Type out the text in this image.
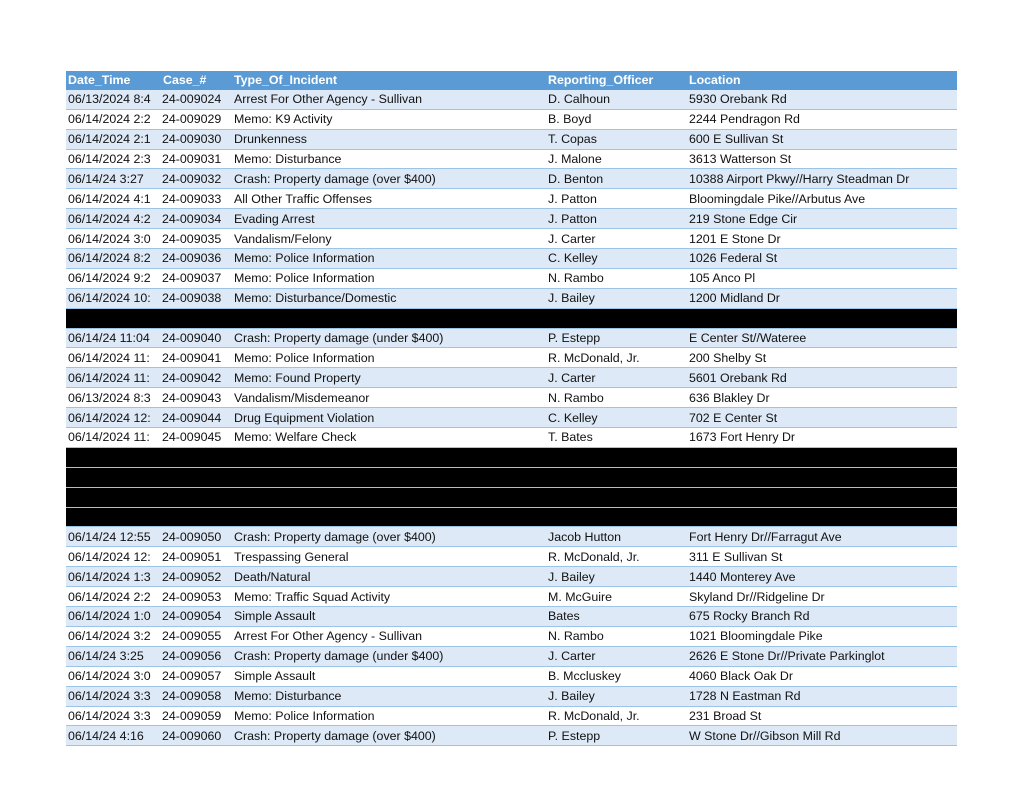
Date_Time	Case_#	Type_Of_Incident	Reporting_Officer	Location
06/13/2024 8:4	24-009024	Arrest For Other Agency - Sullivan	D. Calhoun	5930 Orebank Rd
06/14/2024 2:2	24-009029	Memo: K9 Activity	B. Boyd	2244 Pendragon Rd
06/14/2024 2:1	24-009030	Drunkenness	T. Copas	600 E Sullivan St
06/14/2024 2:3	24-009031	Memo: Disturbance	J. Malone	3613 Watterson St
06/14/24 3:27	24-009032	Crash: Property damage (over $400)	D. Benton	10388 Airport Pkwy//Harry Steadman Dr
06/14/2024 4:1	24-009033	All Other Traffic Offenses	J. Patton	Bloomingdale Pike//Arbutus Ave
06/14/2024 4:2	24-009034	Evading Arrest	J. Patton	219 Stone Edge Cir
06/14/2024 3:0	24-009035	Vandalism/Felony	J. Carter	1201 E Stone Dr
06/14/2024 8:2	24-009036	Memo: Police Information	C. Kelley	1026 Federal St
06/14/2024 9:2	24-009037	Memo: Police Information	N. Rambo	105 Anco Pl
06/14/2024 10:	24-009038	Memo: Disturbance/Domestic	J. Bailey	1200 Midland Dr

06/14/24 11:04	24-009040	Crash: Property damage (under $400)	P. Estepp	E Center St//Wateree
06/14/2024 11:	24-009041	Memo: Police Information	R. McDonald, Jr.	200 Shelby St
06/14/2024 11:	24-009042	Memo: Found Property	J. Carter	5601 Orebank Rd
06/13/2024 8:3	24-009043	Vandalism/Misdemeanor	N. Rambo	636 Blakley Dr
06/14/2024 12:	24-009044	Drug Equipment Violation	C. Kelley	702 E Center St
06/14/2024 11:	24-009045	Memo: Welfare Check	T. Bates	1673 Fort Henry Dr

06/14/24 12:55	24-009050	Crash: Property damage (over $400)	Jacob Hutton	Fort Henry Dr//Farragut Ave
06/14/2024 12:	24-009051	Trespassing General	R. McDonald, Jr.	311 E Sullivan St
06/14/2024 1:3	24-009052	Death/Natural	J. Bailey	1440 Monterey Ave
06/14/2024 2:2	24-009053	Memo: Traffic Squad Activity	M. McGuire	Skyland Dr//Ridgeline Dr
06/14/2024 1:0	24-009054	Simple Assault	Bates	675 Rocky Branch Rd
06/14/2024 3:2	24-009055	Arrest For Other Agency - Sullivan	N. Rambo	1021 Bloomingdale Pike
06/14/24 3:25	24-009056	Crash: Property damage (under $400)	J. Carter	2626 E Stone Dr//Private Parkinglot
06/14/2024 3:0	24-009057	Simple Assault	B. Mccluskey	4060 Black Oak Dr
06/14/2024 3:3	24-009058	Memo: Disturbance	J. Bailey	1728 N Eastman Rd
06/14/2024 3:3	24-009059	Memo: Police Information	R. McDonald, Jr.	231 Broad St
06/14/24 4:16	24-009060	Crash: Property damage (over $400)	P. Estepp	W Stone Dr//Gibson Mill Rd
